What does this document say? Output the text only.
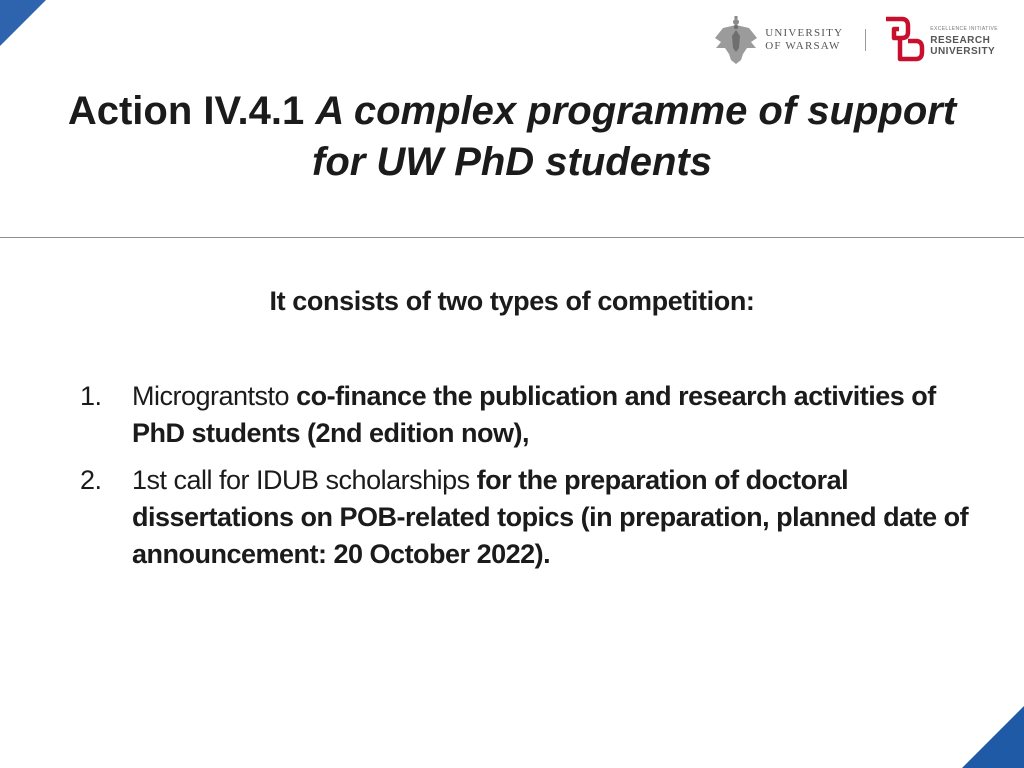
UNIVERSITY
OF WARSAW
EXCELLENCE INITIATIVE
RESEARCH
UNIVERSITY
Action IV.4.1 A complex programme of support for UW PhD students
It consists of two types of competition:
1. Micrograntsto co-finance the publication and research activities of PhD students (2nd edition now),
2. 1st call for IDUB scholarships for the preparation of doctoral dissertations on POB-related topics (in preparation, planned date of announcement: 20 October 2022).
